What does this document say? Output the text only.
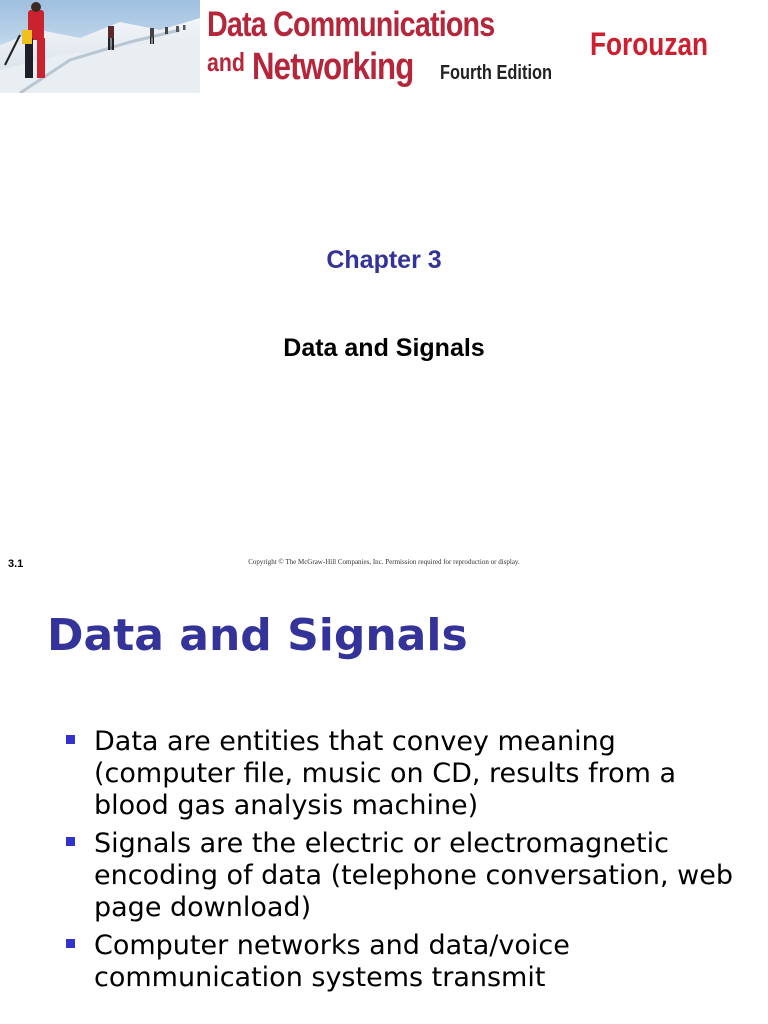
Data Communications
and Networking Fourth Edition
Forouzan
Chapter 3
Data and Signals
3.1	Copyright © The McGraw-Hill Companies, Inc. Permission required for reproduction or display.
Data and Signals
Data are entities that convey meaning (computer file, music on CD, results from a blood gas analysis machine)
Signals are the electric or electromagnetic encoding of data (telephone conversation, web page download)
Computer networks and data/voice communication systems transmit
